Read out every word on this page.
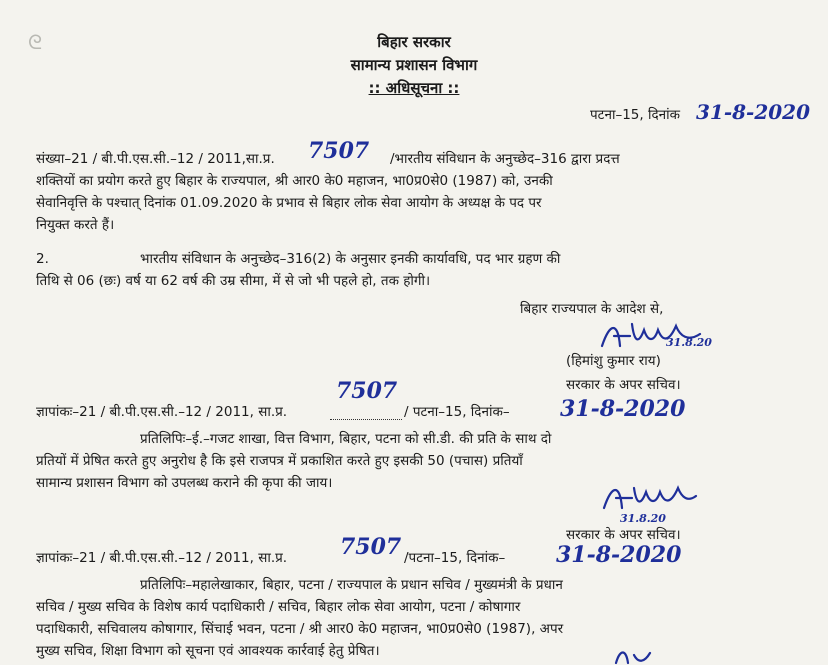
ᘓ	बिहार सरकार
सामान्य प्रशासन विभाग
:: अधिसूचना ::
पटना–15, दिनांक 31-8-2020
संख्या–21 / बी.पी.एस.सी.–12 / 2011,सा.प्र. 7507 /भारतीय संविधान के अनुच्छेद–316 द्वारा प्रदत्त
शक्तियों का प्रयोग करते हुए बिहार के राज्यपाल, श्री आर0 के0 महाजन, भा0प्र0से0 (1987) को, उनकी
सेवानिवृत्ति के पश्चात् दिनांक 01.09.2020 के प्रभाव से बिहार लोक सेवा आयोग के अध्यक्ष के पद पर
नियुक्त करते हैं।
2.	भारतीय संविधान के अनुच्छेद–316(2) के अनुसार इनकी कार्यावधि, पद भार ग्रहण की
तिथि से 06 (छः) वर्ष या 62 वर्ष की उम्र सीमा, में से जो भी पहले हो, तक होगी।
बिहार राज्यपाल के आदेश से,
31.8.20
(हिमांशु कुमार राय)
सरकार के अपर सचिव।
ज्ञापांकः–21 / बी.पी.एस.सी.–12 / 2011, सा.प्र.
7507
/ पटना–15, दिनांक– 31-8-2020
प्रतिलिपिः–ई.–गजट शाखा, वित्त विभाग, बिहार, पटना को सी.डी. की प्रति के साथ दो
प्रतियों में प्रेषित करते हुए अनुरोध है कि इसे राजपत्र में प्रकाशित करते हुए इसकी 50 (पचास) प्रतियाँ
सामान्य प्रशासन विभाग को उपलब्ध कराने की कृपा की जाय।
31.8.20
सरकार के अपर सचिव।
ज्ञापांकः–21 / बी.पी.एस.सी.–12 / 2011, सा.प्र. 7507 /पटना–15, दिनांक– 31-8-2020
प्रतिलिपिः–महालेखाकार, बिहार, पटना / राज्यपाल के प्रधान सचिव / मुख्यमंत्री के प्रधान
सचिव / मुख्य सचिव के विशेष कार्य पदाधिकारी / सचिव, बिहार लोक सेवा आयोग, पटना / कोषागार
पदाधिकारी, सचिवालय कोषागार, सिंचाई भवन, पटना / श्री आर0 के0 महाजन, भा0प्र0से0 (1987), अपर
मुख्य सचिव, शिक्षा विभाग को सूचना एवं आवश्यक कार्रवाई हेतु प्रेषित।
